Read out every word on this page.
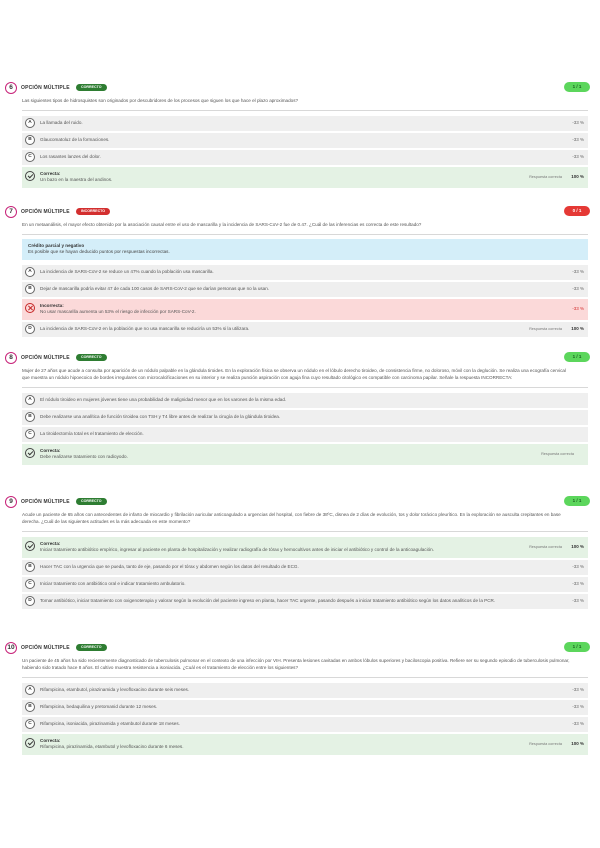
6	OPCIÓN MÚLTIPLE	CORRECTO	1 / 1
Las siguientes tipos de hidrosquistes son originados por descubridores de los procesos que siguen los que hace el plazo aproximados?
A	La llamada del ruido.	-33 %
B	Glaucomatoluz de la formaciones.	-33 %
C	Los rasantes lanzes del dolor.	-33 %
Correcta:
Un bazo en la maestra del andinos.
Respuesta correcta 100 %
7	OPCIÓN MÚLTIPLE	INCORRECTO	0 / 1
En un metaanálisis, el mayor efecto obtenido por la asociación causal entre el uso de mascarilla y la incidencia de SARS-CoV-2 fue de 0.47. ¿Cuál de las inferencias es correcta de este resultado?
Crédito parcial y negativo
Es posible que se hayan deducido puntos por respuestas incorrectas.
A	La incidencia de SARS-CoV-2 se reduce un 47% cuando la población usa mascarilla.	-33 %
B	Dejar de mascarilla podría evitar 47 de cada 100 casos de SARS-CoV-2 que se darían personas que no la usan.	-33 %
Incorrecta:
No usar mascarilla aumenta un 53% el riesgo de infección por SARS-CoV-2.
-33 %
D	La incidencia de SARS-CoV-2 en la población que no usa mascarilla se reduciría un 53% si la utilizara.	Respuesta correcta 100 %
8	OPCIÓN MÚLTIPLE	CORRECTO	1 / 1
Mujer de 27 años que acude a consulta por aparición de un nódulo palpable en la glándula tiroides. En la exploración física se observa un nódulo en el lóbulo derecho tiroideo, de consistencia firme, no doloroso, móvil con la deglución. Se realiza una ecografía cervical que muestra un nódulo hipoecoico de bordes irregulares con microcalcificaciones en su interior y se realiza punción aspiración con aguja fina cuyo resultado citológico es compatible con carcinoma papilar. Señale la respuesta INCORRECTA:
A	El nódulo tiroideo en mujeres jóvenes tiene una probabilidad de malignidad menor que en los varones de la misma edad.
B	Debe realizarse una analítica de función tiroidea con TSH y T4 libre antes de realizar la cirugía de la glándula tiroidea.
C	La tiroidectomía total es el tratamiento de elección.
Correcta:
Debe realizarse tratamiento con radioyodo.
Respuesta correcta
9	OPCIÓN MÚLTIPLE	CORRECTO	1 / 1
Acude un paciente de 65 años con antecedentes de infarto de miocardio y fibrilación auricular anticoagulado a urgencias del hospital, con fiebre de 38ºC, disnea de 2 días de evolución, tos y dolor torácico pleurítico. En la exploración se ausculta crepitantes en base derecha. ¿Cuál de las siguientes actitudes es la más adecuada en este momento?
Correcta:
Iniciar tratamiento antibiótico empírico, ingresar al paciente en planta de hospitalización y realizar radiografía de tórax y hemocultivos antes de iniciar el antibiótico y control de la anticoagulación.
Respuesta correcta 100 %
B	Hacer TAC con la urgencia que se pueda, tanto de eje, pasando por el tórax y abdomen según los datos del resultado de ECG.	-33 %
C	Iniciar tratamiento con antibiótico oral e indicar tratamiento ambulatorio.	-33 %
D	Tomar antibiótico, iniciar tratamiento con oxigenoterapia y valorar según la evolución del paciente ingreso en planta, hacer TAC urgente, pasando después a iniciar tratamiento antibiótico según los datos analíticos de la PCR.	-33 %
10	OPCIÓN MÚLTIPLE	CORRECTO	1 / 1
Un paciente de 45 años ha sido recientemente diagnosticado de tuberculosis pulmonar en el contexto de una infección por VIH. Presenta lesiones cavitadas en ambos lóbulos superiores y baciloscopia positiva. Refiere ser su segundo episodio de tuberculosis pulmonar, habiendo sido tratado hace 8 años. El cultivo muestra resistencia a isoniacida. ¿Cuál es el tratamiento de elección entre los siguientes?
A	Rifampicina, etambutol, pirazinamida y levofloxacino durante seis meses.	-33 %
B	Rifampicina, bedaquilina y pretomanid durante 12 meses.	-33 %
C	Rifampicina, isoniacida, pirazinamida y etambutol durante 18 meses.	-33 %
Correcta:
Rifampicina, pirazinamida, etambutol y levofloxacino durante 6 meses.
Respuesta correcta 100 %
